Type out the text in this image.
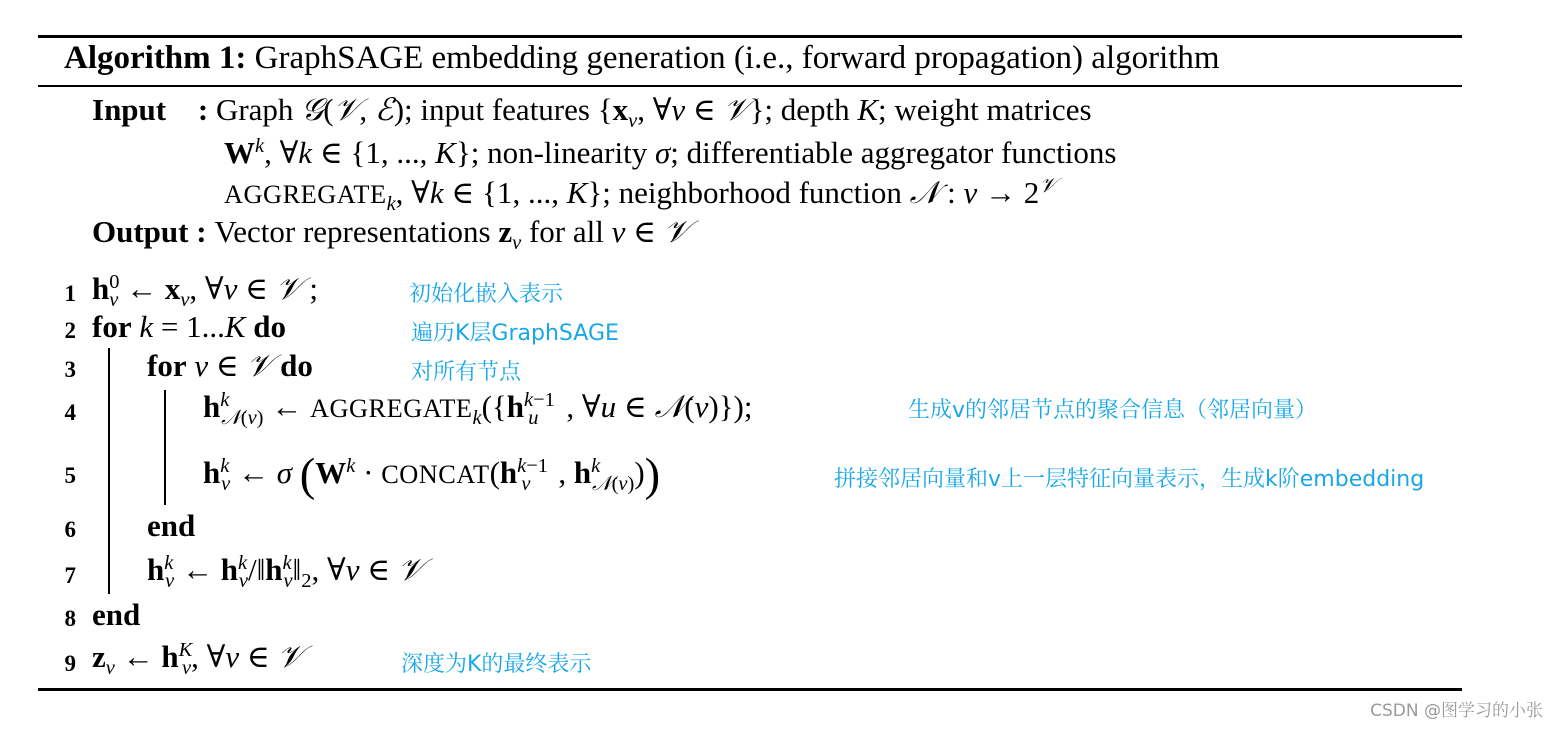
Algorithm 1: GraphSAGE embedding generation (i.e., forward propagation) algorithm
Input : Graph 𝒢(𝒱, ℰ); input features {$x_v$, ∀v ∈ 𝒱}; depth K; weight matrices
$W^k$, ∀k ∈ {1, ..., K}; non-linearity σ; differentiable aggregator functions
$AGGREGATE_k$, ∀k ∈ {1, ..., K}; neighborhood function 𝒩 : $v \to 2^𝒱$
Output : Vector representations $z_v$ for all v ∈ 𝒱
1
2
3
4
5
6
7
8
9
$h^0_v$ ← $x_v$, ∀v ∈ 𝒱 ;
for k = 1...K do
for v ∈ 𝒱 do
$h^k_{𝒩(v)}$ ← $AGGREGATE_k(\{h^{k-1}_u$ , ∀u ∈ 𝒩(v)});
$h^k_v$ ← σ ($W^k$ · $CONCAT(h^{k-1}_v$ , $h^k_{𝒩(v)}$))
end
$h^k_v$ ← $h^k_v/‖h^k_v‖_2$, ∀v ∈ 𝒱
end
$z_v$ ← $h^K_v$, ∀v ∈ 𝒱
初始化嵌入表示
遍历K层GraphSAGE
对所有节点
生成v的邻居节点的聚合信息（邻居向量）
拼接邻居向量和v上一层特征向量表示，生成k阶embedding
深度为K的最终表示
CSDN @图学习的小张
